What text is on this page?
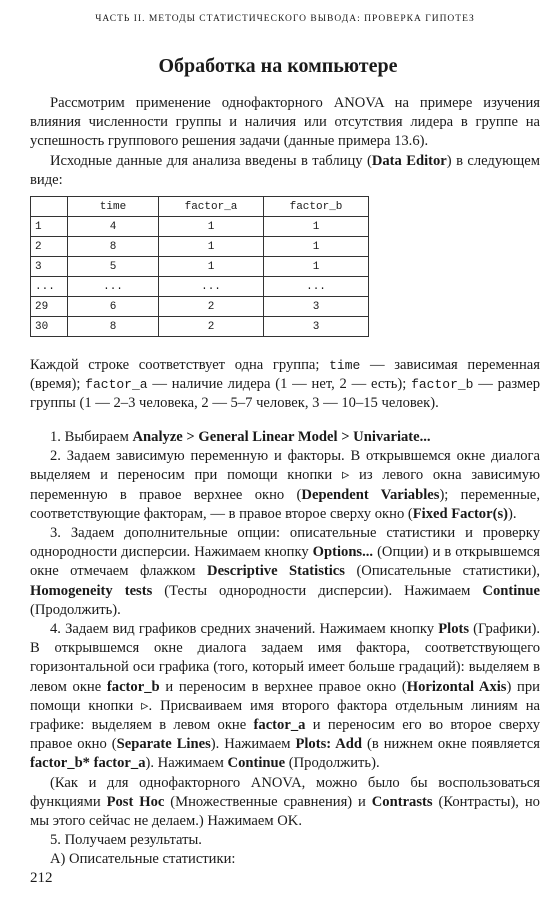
ЧАСТЬ II. МЕТОДЫ СТАТИСТИЧЕСКОГО ВЫВОДА: ПРОВЕРКА ГИПОТЕЗ
Обработка на компьютере

Рассмотрим применение однофакторного ANOVA на примере изучения влияния численности группы и наличия или отсутствия лидера в группе на успешность группового решения задачи (данные примера 13.6).

Исходные данные для анализа введены в таблицу (Data Editor) в следующем виде:

	time	factor_a	factor_b
1	4	1	1
2	8	1	1
3	5	1	1
...	...	...	...
29	6	2	3
30	8	2	3

Каждой строке соответствует одна группа; time — зависимая переменная (время); factor_a — наличие лидера (1 — нет, 2 — есть); factor_b — размер группы (1 — 2–3 человека, 2 — 5–7 человек, 3 — 10–15 человек).

1. Выбираем Analyze > General Linear Model > Univariate...

2. Задаем зависимую переменную и факторы. В открывшемся окне диалога выделяем и переносим при помощи кнопки ▹ из левого окна зависимую переменную в правое верхнее окно (Dependent Variables); переменные, соответствующие факторам, — в правое второе сверху окно (Fixed Factor(s)).

3. Задаем дополнительные опции: описательные статистики и проверку однородности дисперсии. Нажимаем кнопку Options... (Опции) и в открывшемся окне отмечаем флажком Descriptive Statistics (Описательные статистики), Homogeneity tests (Тесты однородности дисперсии). Нажимаем Continue (Продолжить).

4. Задаем вид графиков средних значений. Нажимаем кнопку Plots (Графики). В открывшемся окне диалога задаем имя фактора, соответствующего горизонтальной оси графика (того, который имеет больше градаций): выделяем в левом окне factor_b и переносим в верхнее правое окно (Horizontal Axis) при помощи кнопки ▹. Присваиваем имя второго фактора отдельным линиям на графике: выделяем в левом окне factor_a и переносим его во второе сверху правое окно (Separate Lines). Нажимаем Plots: Add (в нижнем окне появляется factor_b* factor_a). Нажимаем Continue (Продолжить).

(Как и для однофакторного ANOVA, можно было бы воспользоваться функциями Post Hoc (Множественные сравнения) и Contrasts (Контрасты), но мы этого сейчас не делаем.) Нажимаем OK.

5. Получаем результаты.

А) Описательные статистики:

212
